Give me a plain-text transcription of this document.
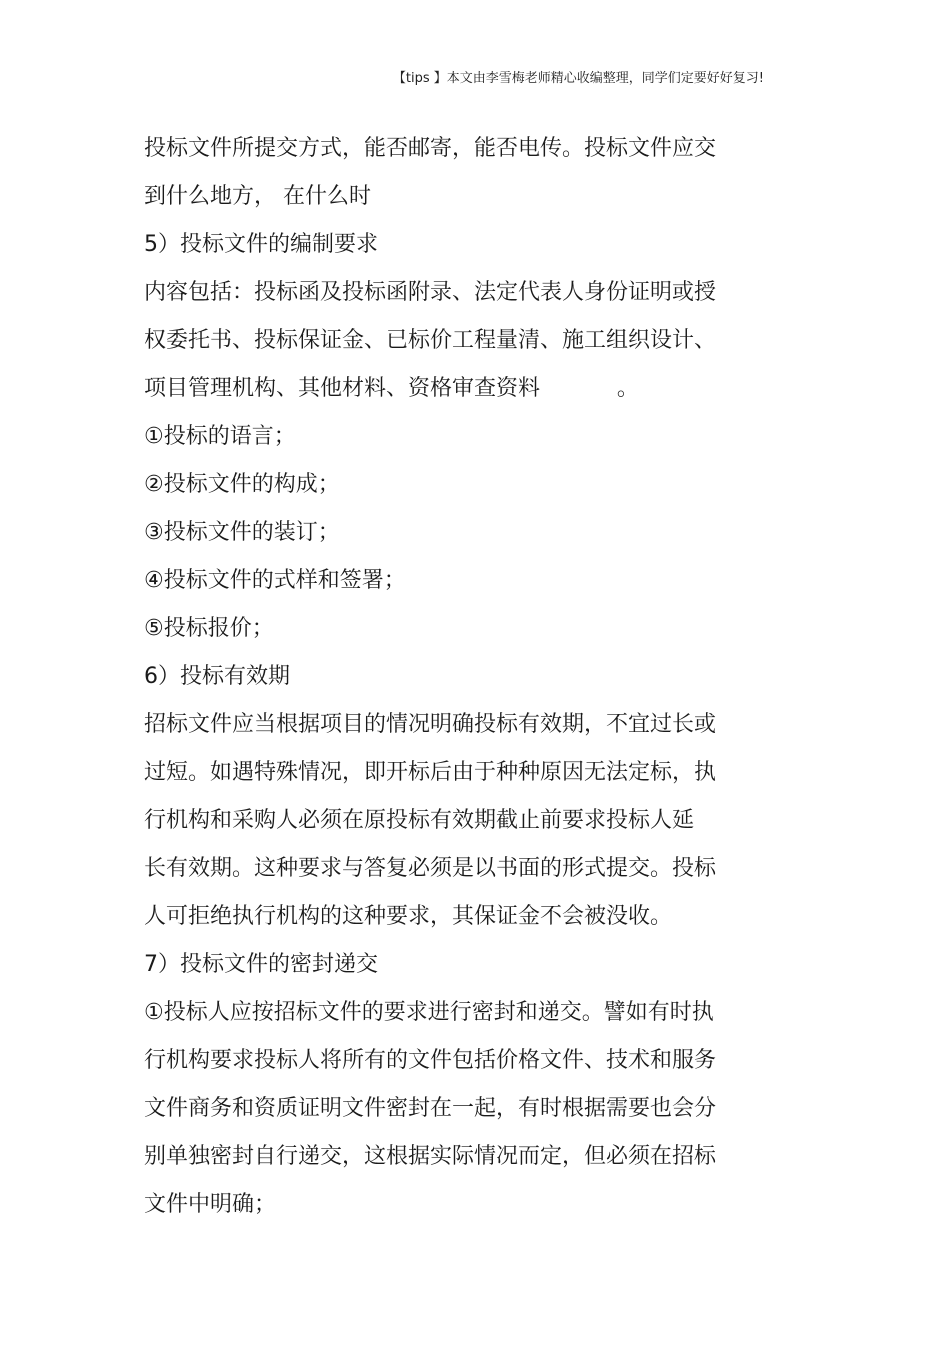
【tips 】本文由李雪梅老师精心收编整理，同学们定要好好复习!
投标文件所提交方式，能否邮寄，能否电传。投标文件应交
到什么地方， 在什么时
5）投标文件的编制要求
内容包括：投标函及投标函附录、法定代表人身份证明或授
权委托书、投标保证金、已标价工程量清、施工组织设计、
项目管理机构、其他材料、资格审查资料           。
①投标的语言；
②投标文件的构成；
③投标文件的装订；
④投标文件的式样和签署；
⑤投标报价；
6）投标有效期
招标文件应当根据项目的情况明确投标有效期，不宜过长或
过短。如遇特殊情况，即开标后由于种种原因无法定标，执
行机构和采购人必须在原投标有效期截止前要求投标人延
长有效期。这种要求与答复必须是以书面的形式提交。投标
人可拒绝执行机构的这种要求，其保证金不会被没收。
7）投标文件的密封递交
①投标人应按招标文件的要求进行密封和递交。譬如有时执
行机构要求投标人将所有的文件包括价格文件、技术和服务
文件商务和资质证明文件密封在一起，有时根据需要也会分
别单独密封自行递交，这根据实际情况而定，但必须在招标
文件中明确；
